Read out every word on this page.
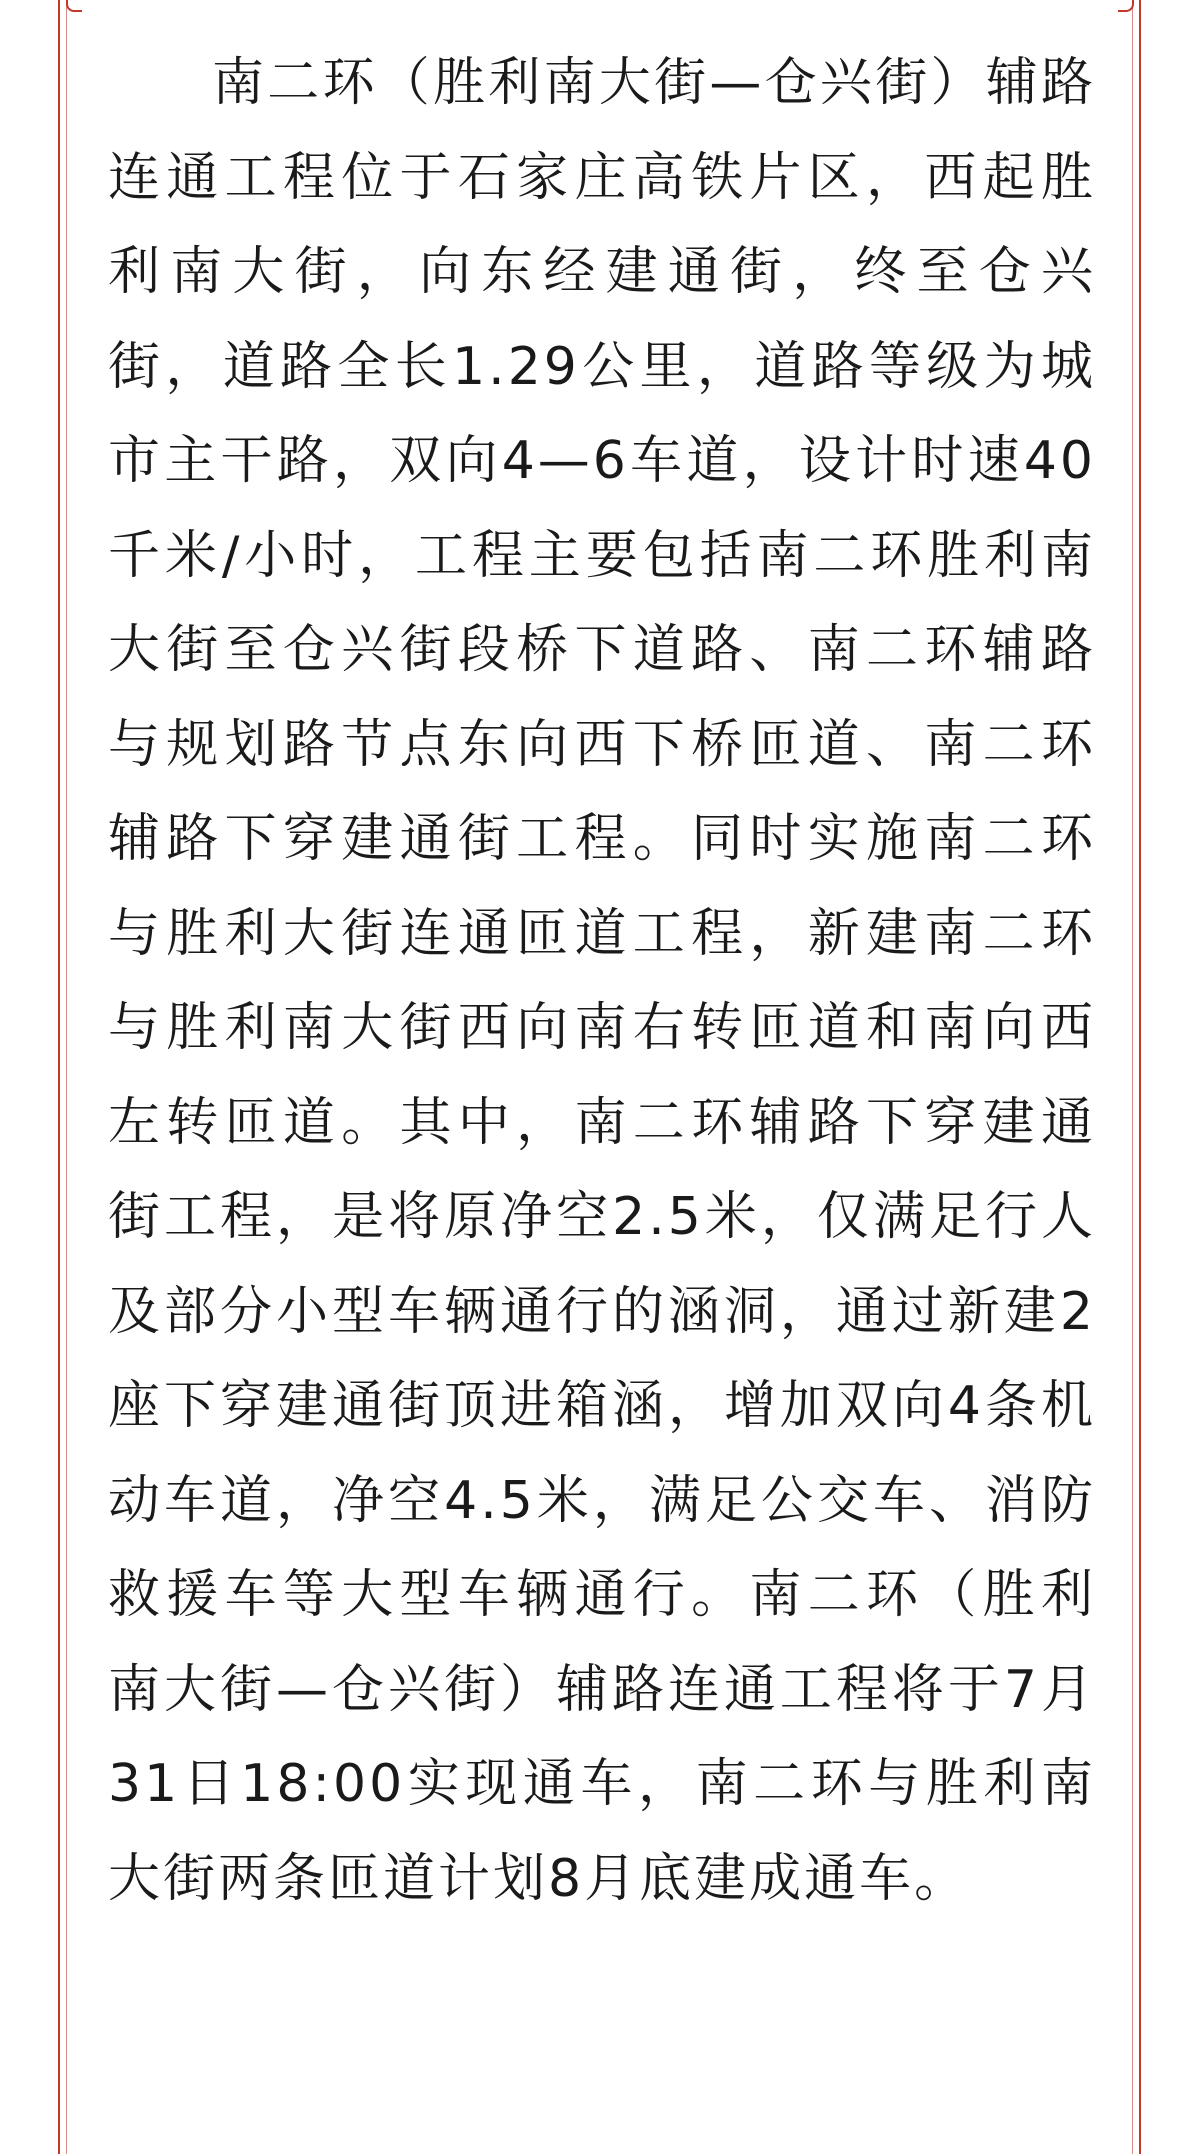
南二环（胜利南大街—仓兴街）辅路连通工程位于石家庄高铁片区，西起胜利南大街，向东经建通街，终至仓兴街，道路全长1.29公里，道路等级为城市主干路，双向4—6车道，设计时速40千米/小时，工程主要包括南二环胜利南大街至仓兴街段桥下道路、南二环辅路与规划路节点东向西下桥匝道、南二环辅路下穿建通街工程。同时实施南二环与胜利大街连通匝道工程，新建南二环与胜利南大街西向南右转匝道和南向西左转匝道。其中，南二环辅路下穿建通街工程，是将原净空2.5米，仅满足行人及部分小型车辆通行的涵洞，通过新建2座下穿建通街顶进箱涵，增加双向4条机动车道，净空4.5米，满足公交车、消防救援车等大型车辆通行。南二环（胜利南大街—仓兴街）辅路连通工程将于7月31日18:00实现通车，南二环与胜利南大街两条匝道计划8月底建成通车。
